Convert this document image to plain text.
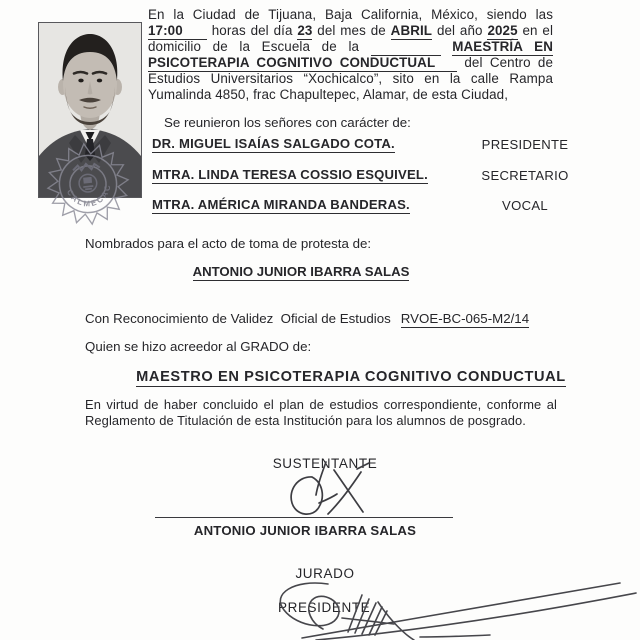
CALMECAC
En la Ciudad de Tijuana, Baja California, México, siendo las
17:00 horas del día 23 del mes de ABRIL del año 2025 en el
domicilio de la Escuela de la	MAESTRÍA EN
PSICOTERAPIA COGNITIVO CONDUCTUAL del Centro de
Estudios Universitarios “Xochicalco”, sito en la calle Rampa
Yumalinda 4850, frac Chapultepec, Alamar, de esta Ciudad,
Se reunieron los señores con carácter de:
DR. MIGUEL ISAÍAS SALGADO COTA.	PRESIDENTE
MTRA. LINDA TERESA COSSIO ESQUIVEL.	SECRETARIO
MTRA. AMÉRICA MIRANDA BANDERAS.	VOCAL
Nombrados para el acto de toma de protesta de:
ANTONIO JUNIOR IBARRA SALAS
Con Reconocimiento de Validez  Oficial de Estudios RVOE-BC-065-M2/14
Quien se hizo acreedor al GRADO de:
MAESTRO EN PSICOTERAPIA COGNITIVO CONDUCTUAL
En virtud de haber concluido el plan de estudios correspondiente, conforme al
Reglamento de Titulación de esta Institución para los alumnos de posgrado.
SUSTENTANTE
ANTONIO JUNIOR IBARRA SALAS
JURADO
PRESIDENTE
